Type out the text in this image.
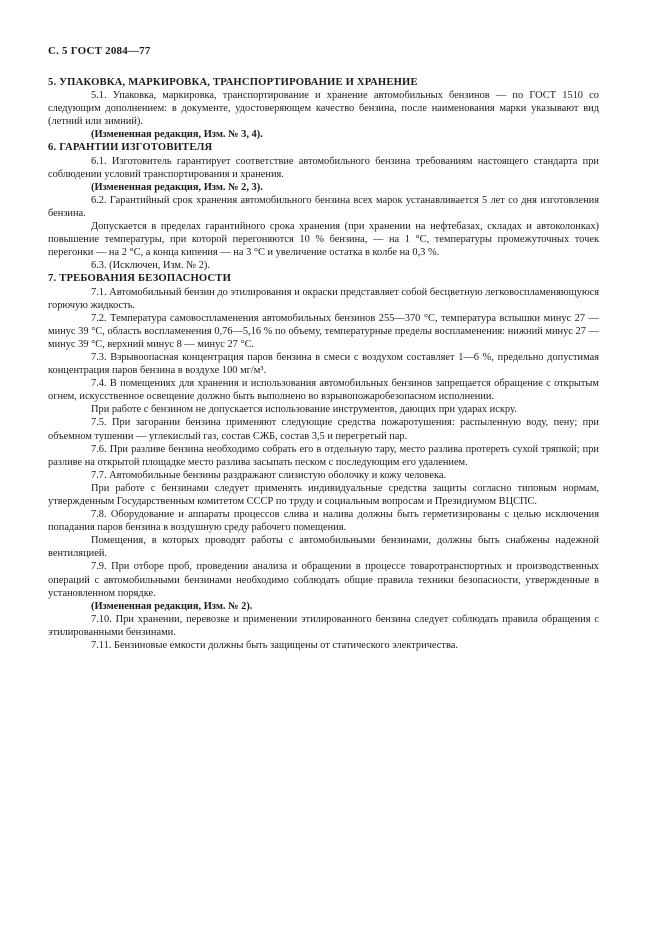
С. 5 ГОСТ 2084—77

5. УПАКОВКА, МАРКИРОВКА, ТРАНСПОРТИРОВАНИЕ И ХРАНЕНИЕ

5.1. Упаковка, маркировка, транспортирование и хранение автомобильных бензинов — по ГОСТ 1510 со следующим дополнением: в документе, удостоверяющем качество бензина, после наименования марки указывают вид (летний или зимний).

(Измененная редакция, Изм. № 3, 4).

6. ГАРАНТИИ ИЗГОТОВИТЕЛЯ

6.1. Изготовитель гарантирует соответствие автомобильного бензина требованиям настоящего стандарта при соблюдении условий транспортирования и хранения.

(Измененная редакция, Изм. № 2, 3).

6.2. Гарантийный срок хранения автомобильного бензина всех марок устанавливается 5 лет со дня изготовления бензина.

Допускается в пределах гарантийного срока хранения (при хранении на нефтебазах, складах и автоколонках) повышение температуры, при которой перегоняются 10 % бензина, — на 1 °С, температуры промежуточных точек перегонки — на 2 °С, а конца кипения — на 3 °С и увеличение остатка в колбе на 0,3 %.

6.3. (Исключен, Изм. № 2).

7. ТРЕБОВАНИЯ БЕЗОПАСНОСТИ

7.1. Автомобильный бензин до этилирования и окраски представляет собой бесцветную легковоспламеняющуюся горючую жидкость.

7.2. Температура самовоспламенения автомобильных бензинов 255—370 °С, температура вспышки минус 27 — минус 39 °С, область воспламенения 0,76—5,16 % по объему, температурные пределы воспламенения: нижний минус 27 — минус 39 °С, верхний минус 8 — минус 27 °С.

7.3. Взрывоопасная концентрация паров бензина в смеси с воздухом составляет 1—6 %, предельно допустимая концентрация паров бензина в воздухе 100 мг/м³.

7.4. В помещениях для хранения и использования автомобильных бензинов запрещается обращение с открытым огнем, искусственное освещение должно быть выполнено во взрывопожаробезопасном исполнении.

При работе с бензином не допускается использование инструментов, дающих при ударах искру.

7.5. При загорании бензина применяют следующие средства пожаротушения: распыленную воду, пену; при объемном тушении — углекислый газ, состав СЖБ, состав 3,5 и перегретый пар.

7.6. При разливе бензина необходимо собрать его в отдельную тару, место разлива протереть сухой тряпкой; при разливе на открытой площадке место разлива засыпать песком с последующим его удалением.

7.7. Автомобильные бензины раздражают слизистую оболочку и кожу человека.

При работе с бензинами следует применять индивидуальные средства защиты согласно типовым нормам, утвержденным Государственным комитетом СССР по труду и социальным вопросам и Президиумом ВЦСПС.

7.8. Оборудование и аппараты процессов слива и налива должны быть герметизированы с целью исключения попадания паров бензина в воздушную среду рабочего помещения.

Помещения, в которых проводят работы с автомобильными бензинами, должны быть снабжены надежной вентиляцией.

7.9. При отборе проб, проведении анализа и обращении в процессе товаротранспортных и производственных операций с автомобильными бензинами необходимо соблюдать общие правила техники безопасности, утвержденные в установленном порядке.

(Измененная редакция, Изм. № 2).

7.10. При хранении, перевозке и применении этилированного бензина следует соблюдать правила обращения с этилированными бензинами.

7.11. Бензиновые емкости должны быть защищены от статического электричества.
